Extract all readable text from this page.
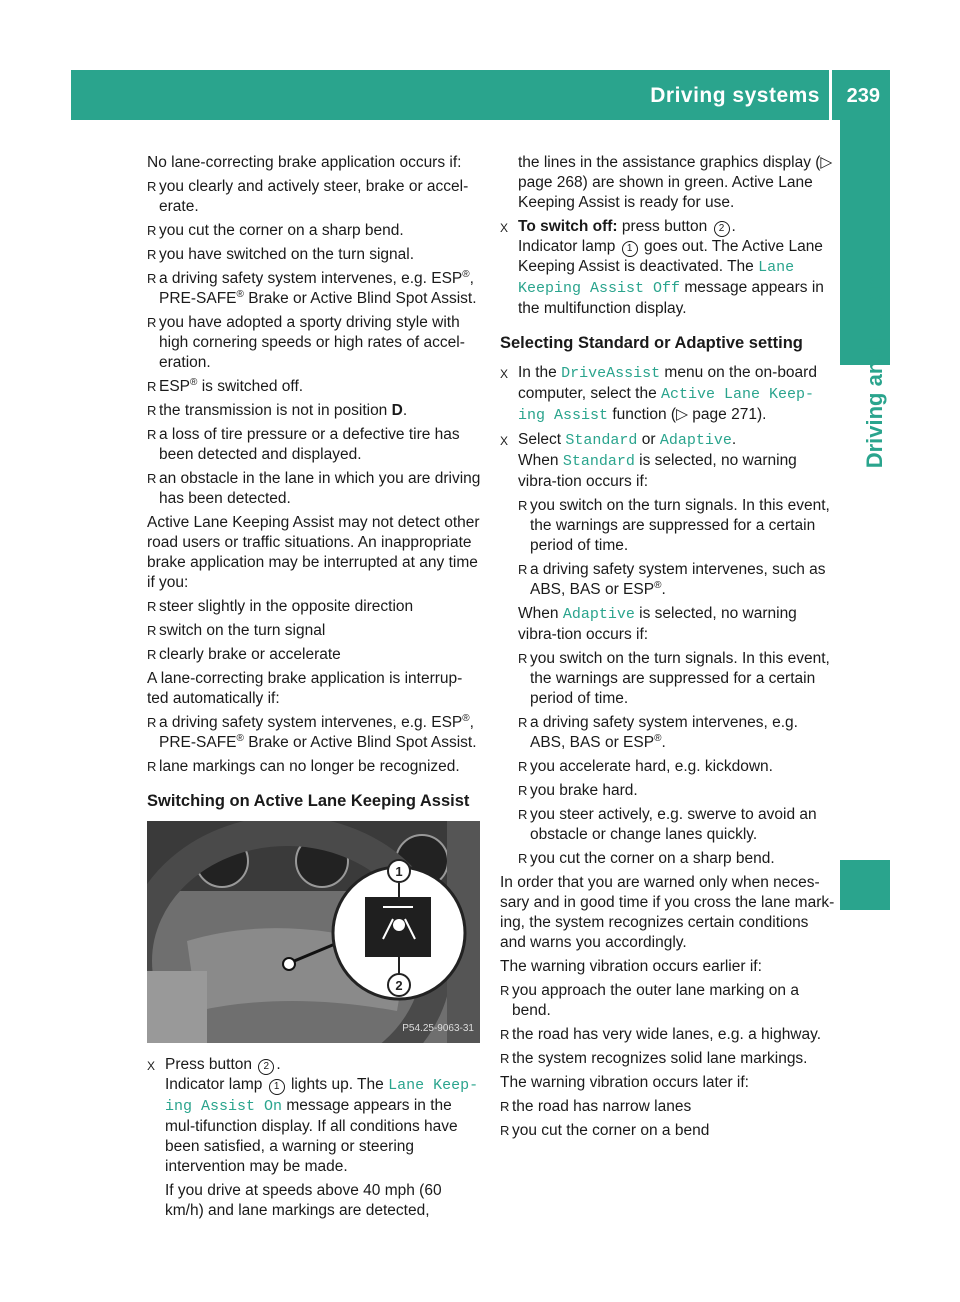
Driving systems 239
Driving and parking

No lane-correcting brake application occurs if:

R you clearly and actively steer, brake or accel-erate.
R you cut the corner on a sharp bend.
R you have switched on the turn signal.
R a driving safety system intervenes, e.g. ESP®,
PRE-SAFE® Brake or Active Blind Spot Assist.
R you have adopted a sporty driving style with high cornering speeds or high rates of accel-eration.
R ESP® is switched off.
R the transmission is not in position D.
R a loss of tire pressure or a defective tire has been detected and displayed.
R an obstacle in the lane in which you are driving has been detected.

Active Lane Keeping Assist may not detect other road users or traffic situations. An inappropriate brake application may be interrupted at any time if you:

R steer slightly in the opposite direction
R switch on the turn signal
R clearly brake or accelerate

A lane-correcting brake application is interrup-ted automatically if:

R a driving safety system intervenes, e.g. ESP®,
PRE-SAFE® Brake or Active Blind Spot Assist.
R lane markings can no longer be recognized.
Switching on Active Lane Keeping Assist
1
2
P54.25-9063-31
X Press button 2 .
Indicator lamp 1 lights up. The Lane Keep‐ing Assist On message appears in the mul-tifunction display. If all conditions have been satisfied, a warning or steering intervention may be made.

If you drive at speeds above 40 mph (60 km/h) and lane markings are detected,

the lines in the assistance graphics display (▷ page 268) are shown in green. Active Lane Keeping Assist is ready for use.

X To switch off: press button 2 .
Indicator lamp 1 goes out. The Active Lane Keeping Assist is deactivated. The Lane Keeping Assist Off message appears in the multifunction display.
Selecting Standard or Adaptive setting
X In the DriveAssist menu on the on-board computer, select the Active Lane Keep‐ing Assist function (▷ page 271).
X Select Standard or Adaptive.
When Standard is selected, no warning vibra-tion occurs if:
R you switch on the turn signals. In this event, the warnings are suppressed for a certain period of time.
R a driving safety system intervenes, such as ABS, BAS or ESP®.

When Adaptive is selected, no warning vibra-tion occurs if:

R you switch on the turn signals. In this event, the warnings are suppressed for a certain period of time.
R a driving safety system intervenes, e.g. ABS, BAS or ESP®.
R you accelerate hard, e.g. kickdown.
R you brake hard.
R you steer actively, e.g. swerve to avoid an obstacle or change lanes quickly.
R you cut the corner on a sharp bend.

In order that you are warned only when neces-sary and in good time if you cross the lane mark-ing, the system recognizes certain conditions and warns you accordingly.

The warning vibration occurs earlier if:

R you approach the outer lane marking on a bend.
R the road has very wide lanes, e.g. a highway.
R the system recognizes solid lane markings.

The warning vibration occurs later if:

R the road has narrow lanes
R you cut the corner on a bend
